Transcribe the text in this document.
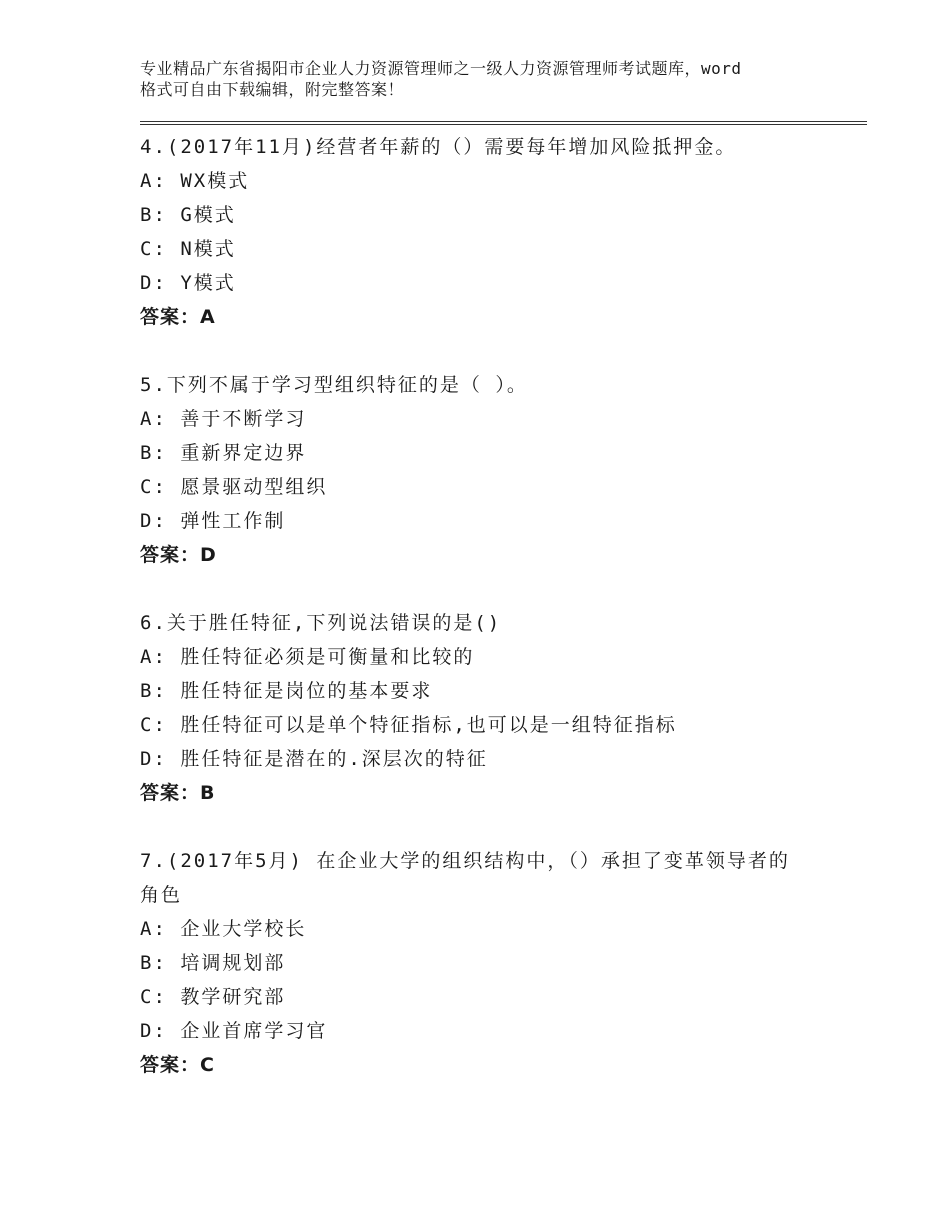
专业精品广东省揭阳市企业人力资源管理师之一级人力资源管理师考试题库，word
格式可自由下载编辑，附完整答案！

4.(2017年11月)经营者年薪的（）需要每年增加风险抵押金。

A: WX模式

B: G模式

C: N模式

D: Y模式

答案：A

5.下列不属于学习型组织特征的是（ ）。

A: 善于不断学习

B: 重新界定边界

C: 愿景驱动型组织

D: 弹性工作制

答案：D

6.关于胜任特征,下列说法错误的是()

A: 胜任特征必须是可衡量和比较的

B: 胜任特征是岗位的基本要求

C: 胜任特征可以是单个特征指标,也可以是一组特征指标

D: 胜任特征是潜在的.深层次的特征

答案：B

7.(2017年5月) 在企业大学的组织结构中，（）承担了变革领导者的

角色

A: 企业大学校长

B: 培调规划部

C: 教学研究部

D: 企业首席学习官

答案：C
